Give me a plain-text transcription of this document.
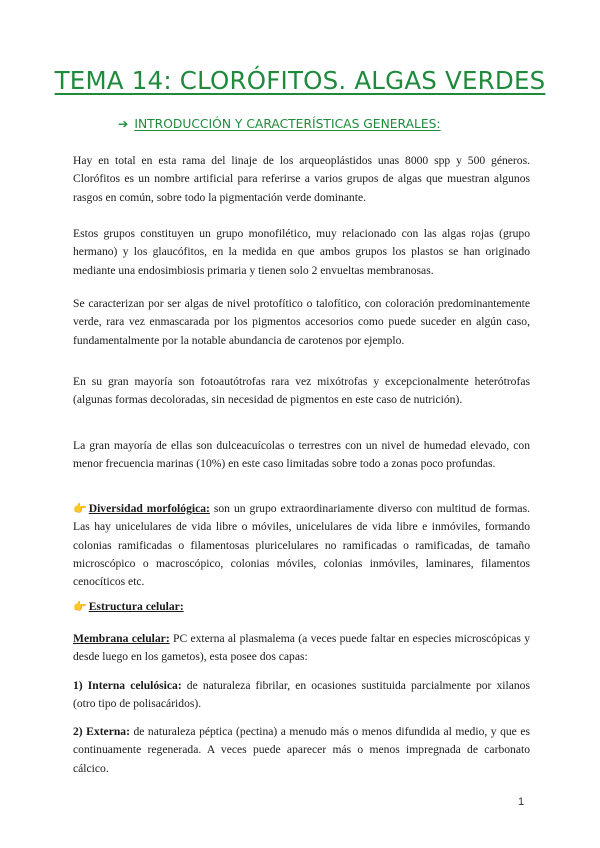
TEMA 14: CLORÓFITOS. ALGAS VERDES
➔ INTRODUCCIÓN Y CARACTERÍSTICAS GENERALES:

Hay en total en esta rama del linaje de los arqueoplástidos unas 8000 spp y 500 géneros. Clorófitos es un nombre artificial para referirse a varios grupos de algas que muestran algunos rasgos en común, sobre todo la pigmentación verde dominante.

Estos grupos constituyen un grupo monofilético, muy relacionado con las algas rojas (grupo hermano) y los glaucófitos, en la medida en que ambos grupos los plastos se han originado mediante una endosimbiosis primaria y tienen solo 2 envueltas membranosas.

Se caracterizan por ser algas de nivel protofítico o talofítico, con coloración predominantemente verde, rara vez enmascarada por los pigmentos accesorios como puede suceder en algún caso, fundamentalmente por la notable abundancia de carotenos por ejemplo.

En su gran mayoría son fotoautótrofas rara vez mixótrofas y excepcionalmente heterótrofas (algunas formas decoloradas, sin necesidad de pigmentos en este caso de nutrición).

La gran mayoría de ellas son dulceacuícolas o terrestres con un nivel de humedad elevado, con menor frecuencia marinas (10%) en este caso limitadas sobre todo a zonas poco profundas.

👉 Diversidad morfológica: son un grupo extraordinariamente diverso con multitud de formas. Las hay unicelulares de vida libre o móviles, unicelulares de vida libre e inmóviles, formando colonias ramificadas o filamentosas pluricelulares no ramificadas o ramificadas, de tamaño microscópico o macroscópico, colonias móviles, colonias inmóviles, laminares, filamentos cenocíticos etc.

👉 Estructura celular:

Membrana celular: PC externa al plasmalema (a veces puede faltar en especies microscópicas y desde luego en los gametos), esta posee dos capas:

1) Interna celulósica: de naturaleza fibrilar, en ocasiones sustituida parcialmente por xilanos (otro tipo de polisacáridos).

2) Externa: de naturaleza péptica (pectina) a menudo más o menos difundida al medio, y que es continuamente regenerada. A veces puede aparecer más o menos impregnada de carbonato cálcico.

1
